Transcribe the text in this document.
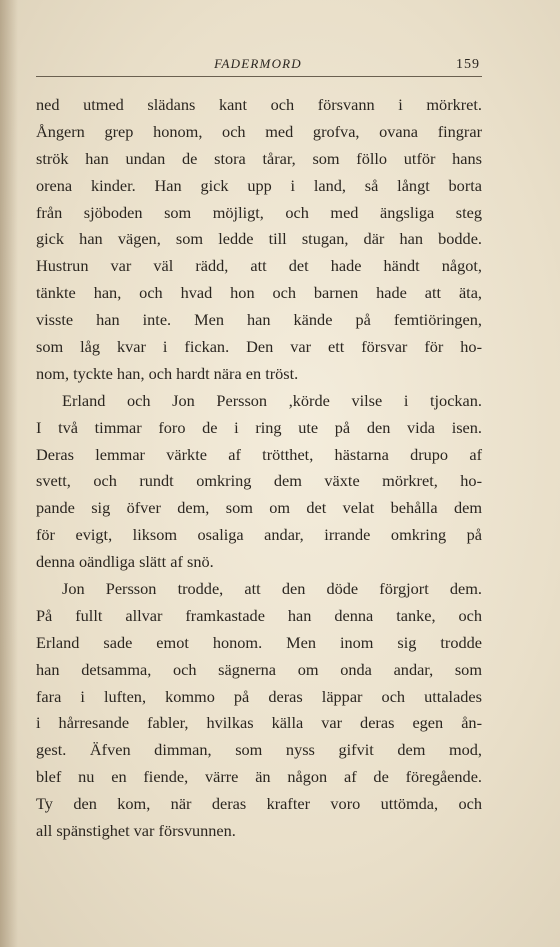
FADERMORD	159
ned utmed slädans kant och försvann i mörkret.
Ångern grep honom, och med grofva, ovana fingrar
strök han undan de stora tårar, som föllo utför hans
orena kinder. Han gick upp i land, så långt borta
från sjöboden som möjligt, och med ängsliga steg
gick han vägen, som ledde till stugan, där han bodde.
Hustrun var väl rädd, att det hade händt något,
tänkte han, och hvad hon och barnen hade att äta,
visste han inte. Men han kände på femtiöringen,
som låg kvar i fickan. Den var ett försvar för ho-
nom, tyckte han, och hardt nära en tröst.
Erland och Jon Persson ,körde vilse i tjockan.
I två timmar foro de i ring ute på den vida isen.
Deras lemmar värkte af trötthet, hästarna drupo af
svett, och rundt omkring dem växte mörkret, ho-
pande sig öfver dem, som om det velat behålla dem
för evigt, liksom osaliga andar, irrande omkring på
denna oändliga slätt af snö.
Jon Persson trodde, att den döde förgjort dem.
På fullt allvar framkastade han denna tanke, och
Erland sade emot honom. Men inom sig trodde
han detsamma, och sägnerna om onda andar, som
fara i luften, kommo på deras läppar och uttalades
i hårresande fabler, hvilkas källa var deras egen ån-
gest. Äfven dimman, som nyss gifvit dem mod,
blef nu en fiende, värre än någon af de föregående.
Ty den kom, när deras krafter voro uttömda, och
all spänstighet var försvunnen.
